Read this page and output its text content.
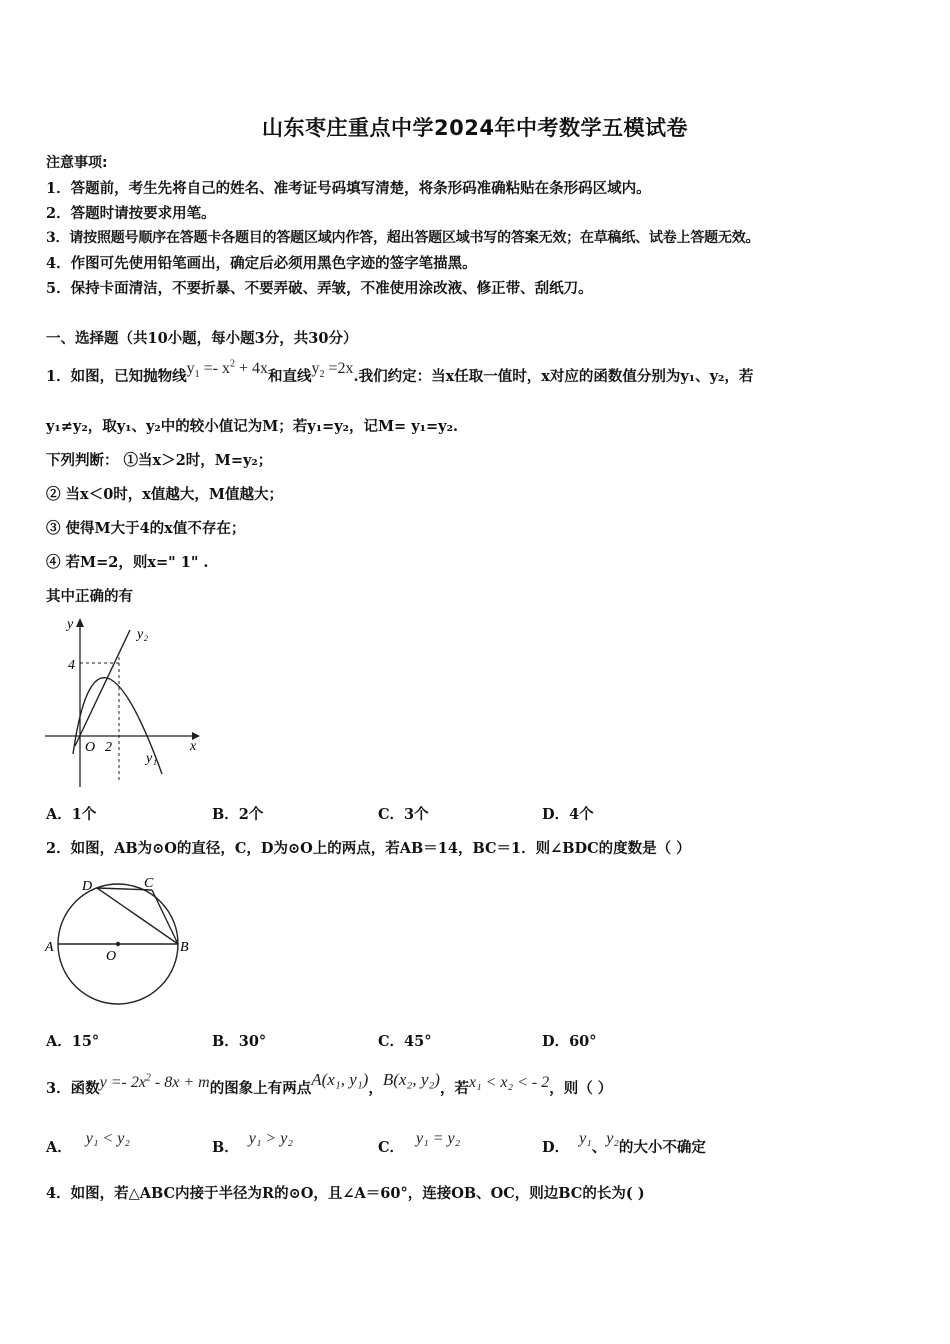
山东枣庄重点中学2024年中考数学五模试卷
注意事项:
1．答题前，考生先将自己的姓名、准考证号码填写清楚，将条形码准确粘贴在条形码区域内。
2．答题时请按要求用笔。
3．请按照题号顺序在答题卡各题目的答题区域内作答，超出答题区域书写的答案无效；在草稿纸、试卷上答题无效。
4．作图可先使用铅笔画出，确定后必须用黑色字迹的签字笔描黑。
5．保持卡面清洁，不要折暴、不要弄破、弄皱，不准使用涂改液、修正带、刮纸刀。
一、选择题（共10小题，每小题3分，共30分）
1．如图，已知抛物线$y_1 =- x^2 + 4x$和直线$y_2 =2x$.我们约定：当x任取一值时，x对应的函数值分别为y₁、y₂，若
y₁≠y₂，取y₁、y₂中的较小值记为M；若y₁=y₂，记M= y₁=y₂.
下列判断： ①当x＞2时，M=y₂；
② 当x＜0时，x值越大，M值越大；
③ 使得M大于4的x值不存在；
④ 若M=2，则x=" 1" .
其中正确的有
y
x
O 2
4
y₂
y₁
A．1个	B．2个	C．3个	D．4个
2．如图，AB为⊙O的直径，C，D为⊙O上的两点，若AB＝14，BC＝1．则∠BDC的度数是（ ）
A	B
C
D
O
A．15°	B．30°	C．45°	D．60°
3．函数$y =- 2x^2 - 8x + m$的图象上有两点A(x₁, y₁)，B(x₂, y₂)，若x₁ < x₂ < - 2，则（ ）
A．y₁ < y₂
B．y₁ > y₂
C．y₁ = y₂
D．y₁、y₂的大小不确定
4．如图，若△ABC内接于半径为R的⊙O，且∠A＝60°，连接OB、OC，则边BC的长为( )
